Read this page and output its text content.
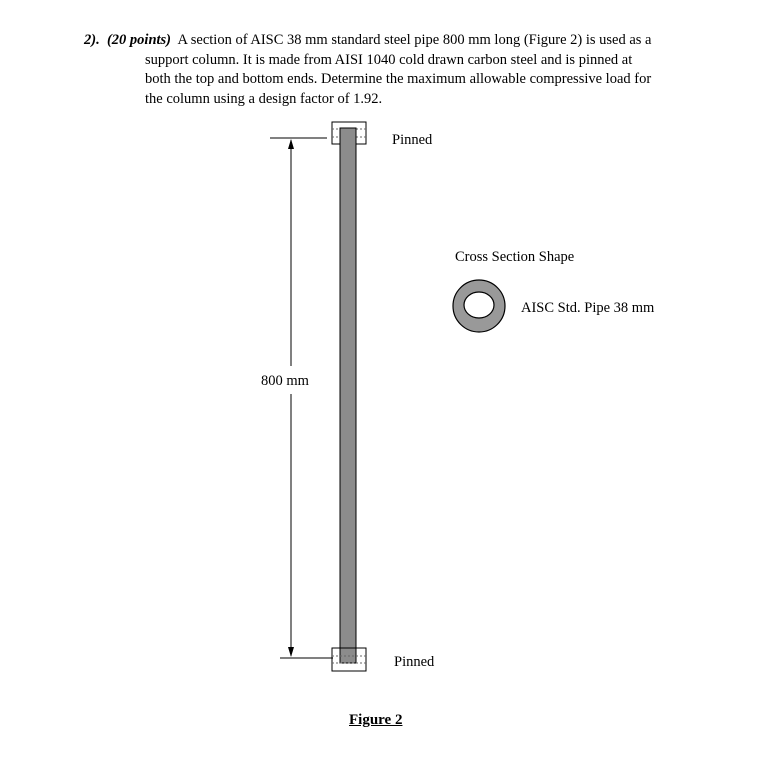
2). (20 points) A section of AISC 38 mm standard steel pipe 800 mm long (Figure 2) is used as a
support column. It is made from AISI 1040 cold drawn carbon steel and is pinned at
both the top and bottom ends. Determine the maximum allowable compressive load for
the column using a design factor of 1.92.
Pinned
Pinned
800 mm
Cross Section Shape
AISC Std. Pipe 38 mm
Figure 2
